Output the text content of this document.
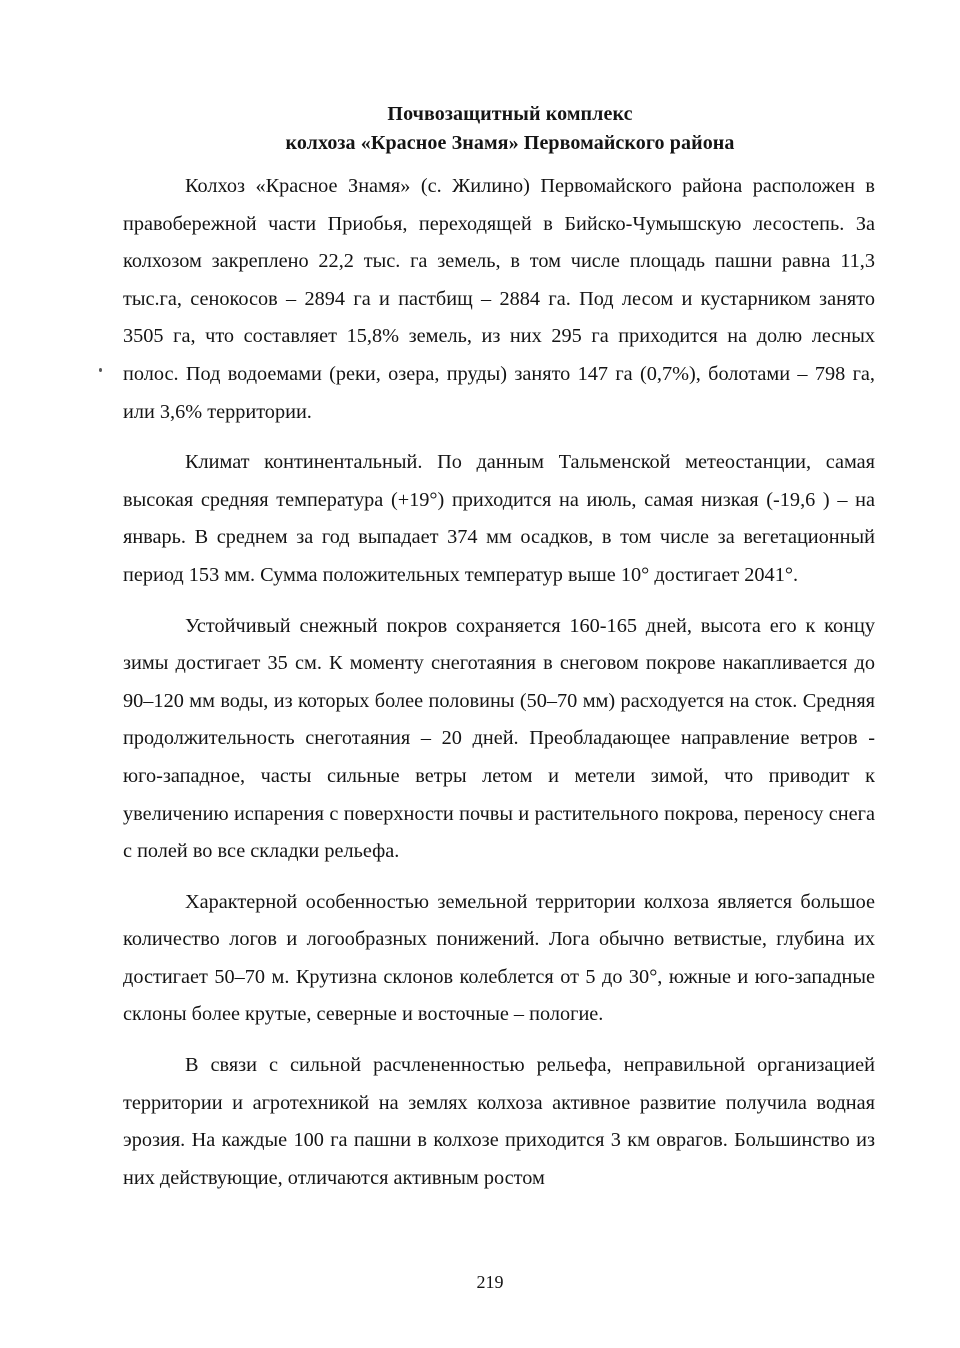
Почвозащитный комплекс
колхоза «Красное Знамя» Первомайского района

Колхоз «Красное Знамя» (с. Жилино) Первомайского района расположен в правобережной части Приобья, переходящей в Бийско-Чумышскую лесостепь. За колхозом закреплено 22,2 тыс. га земель, в том числе площадь пашни равна 11,3 тыс.га, сенокосов – 2894 га и пастбищ – 2884 га. Под лесом и кустарником занято 3505 га, что составляет 15,8% земель, из них 295 га приходится на долю лесных полос. Под водоемами (реки, озера, пруды) занято 147 га (0,7%), болотами – 798 га, или 3,6% территории.

Климат континентальный. По данным Тальменской метеостанции, самая высокая средняя температура (+19°) приходится на июль, самая низкая (-19,6 ) – на январь. В среднем за год выпадает 374 мм осадков, в том числе за вегетационный период 153 мм. Сумма положительных температур выше 10° достигает 2041°.

Устойчивый снежный покров сохраняется 160-165 дней, высота его к концу зимы достигает 35 см. К моменту снеготаяния в снеговом покрове накапливается до 90–120 мм воды, из которых более половины (50–70 мм) расходуется на сток. Средняя продолжительность снеготаяния – 20 дней. Преобладающее направление ветров - юго-западное, часты сильные ветры летом и метели зимой, что приводит к увеличению испарения с поверхности почвы и растительного покрова, переносу снега с полей во все складки рельефа.

Характерной особенностью земельной территории колхоза является большое количество логов и логообразных понижений. Лога обычно ветвистые, глубина их достигает 50–70 м. Крутизна склонов колеблется от 5 до 30°, южные и юго-западные склоны более крутые, северные и восточные – пологие.

В связи с сильной расчлененностью рельефа, неправильной организацией территории и агротехникой на землях колхоза активное развитие получила водная эрозия. На каждые 100 га пашни в колхозе приходится 3 км оврагов. Большинство из них действующие, отличаются активным ростом

219
